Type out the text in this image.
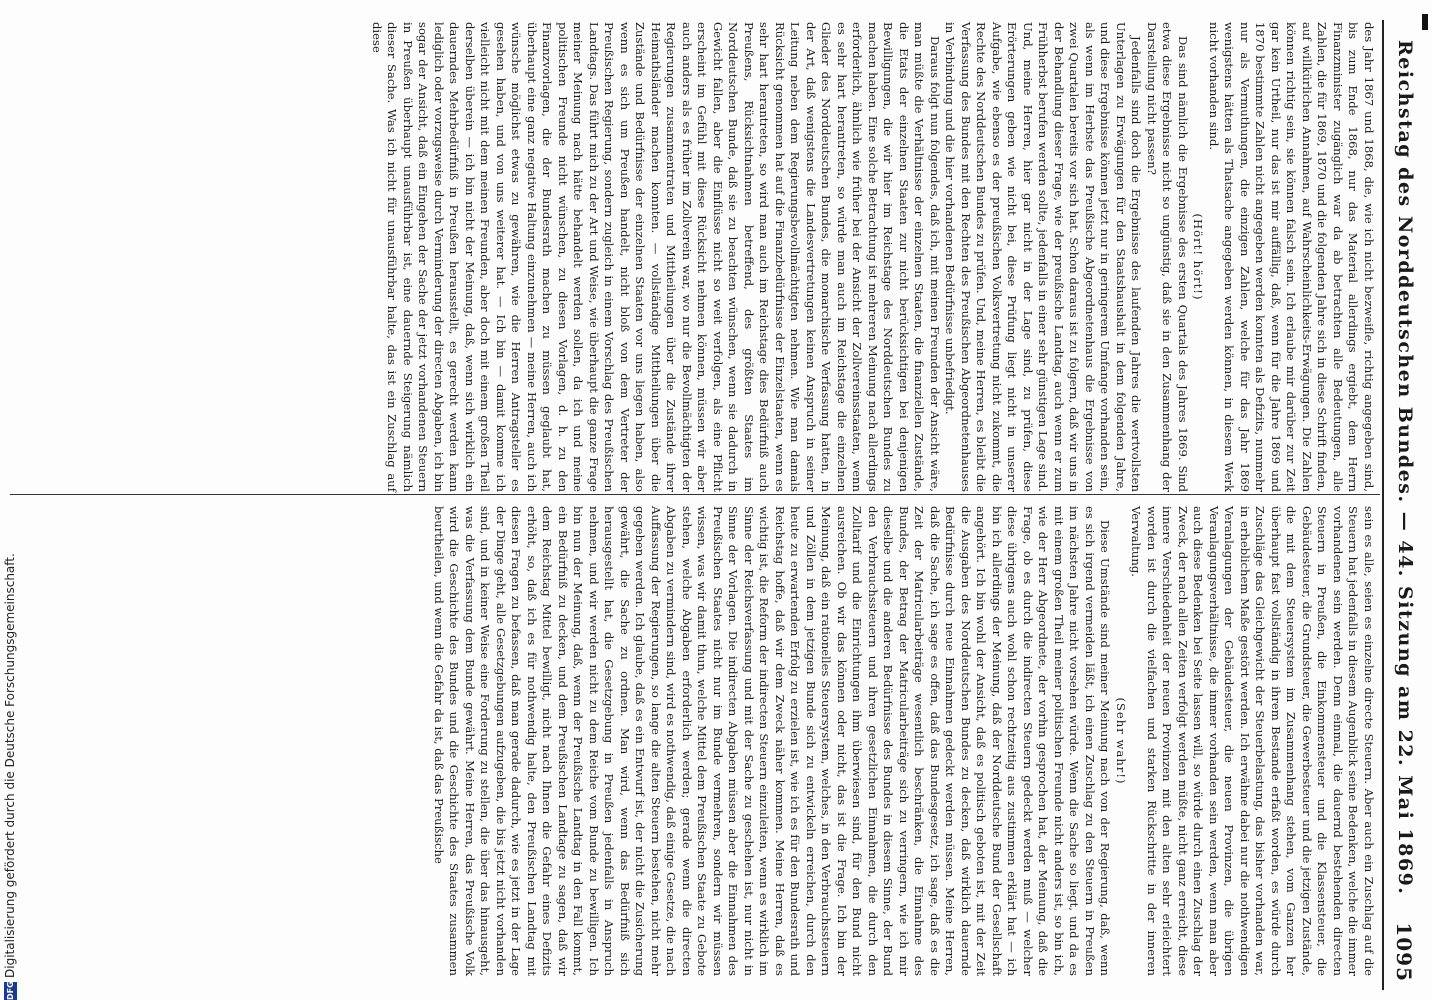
Reichstag des Norddeutschen Bundes. — 44. Sitzung am 22. Mai 1869.
1095

des Jahr 1867 und 1868, die, wie ich nicht bezweifle, richtig angegeben sind, bis zum Ende 1868, nur das Material allerdings ergiebt, dem Herrn Finanzminister zugänglich war da ab betrachten alle Bedeutungen, alle Zahlen, die für 1869, 1870 und die folgenden Jahre sich in diese Schrift finden, auf willkürlichen Annahmen, auf Wahrscheinlichkeits-Erwägungen. Die Zahlen können richtig sein, sie können falsch sein. Ich erlaube mir darüber zur Zeit gar kein Urtheil, nur das ist mir auffällig, daß, wenn für die Jahre 1869 und 1870 bestimmte Zahlen nicht angegeben werden konnten als Defizits, nunmehr nur als Vermuthungen, die einzigen Zahlen, welche für das Jahr 1869 wenigstens hätten als Thatsache angegeben werden können, in diesem Werk nicht vorhanden sind.

(Hört! hört!)

Das sind nämlich die Ergebnisse des ersten Quartals des Jahres 1869. Sind etwa diese Ergebnisse nicht so ungünstig, daß sie in den Zusammenhang der Darstellung nicht passen?

Jedenfalls sind doch die Ergebnisse des laufenden Jahres die wertvollsten Unterlagen zu Erwägungen für den Staatshaushalt in dem folgenden Jahre, und diese Ergebnisse können jetzt nur in geringerem Umfange vorhanden sein, als wenn im Herbste das Preußische Abgeordnetenhaus die Ergebnisse von zwei Quartalen bereits vor sich hat. Schon daraus ist zu folgern, daß wir uns in der Behandlung dieser Frage, wie der preußische Landtag, auch wenn er zum Frühherbst berufen werden sollte, jedenfalls in einer sehr günstigen Lage sind. Und, meine Herren, hier gar nicht in der Lage sind, zu prüfen, diese Erörterungen geben wie nicht bei, diese Prüfung liegt nicht in unserer Aufgabe, wie ebenso es der preußischen Volksvertretung nicht zukommt, die Rechte des Norddeutschen Bundes zu prüfen. Und, meine Herren, es bleibt die Verfassung des Bundes mit den Rechten des Preußischen Abgeordnetenhauses in Verbindung und die hier vorhandenen Bedürfnisse unbefriedigt.

Daraus folgt nun folgendes, daß ich, mit meinen Freunden der Ansicht wäre, man müßte die Verhältnisse der einzelnen Staaten, die finanziellen Zustände, die Etats der einzelnen Staaten zur nicht berücksichtigen bei denjenigen Bewilligungen, die wir hier im Reichstage des Norddeutschen Bundes zu machen haben. Eine solche Betrachtung ist mehreren Meinung nach allerdings erforderlich, ähnlich wie früher bei der Ansicht der Zollvereinsstaaten, wenn es sehr hart herantreten, so würde man auch im Reichstage die einzelnen Glieder des Norddeutschen Bundes, die monarchische Verfassung hatten, in der Art, daß wenigstens die Landesvertretungen keinen Anspruch in seiner Leitung neben dem Regierungsbevollmächtigten nehmen. Wie man damals Rücksicht genommen hat auf die Finanzbedürfnisse der Einzelstaaten, wenn es sehr hart herantreten, so wird man auch im Reichstage dies Bedürfniß auch Preußens, Rücksichtnahmen betreffend, des größten Staates im Norddeutschen Bunde, daß sie zu beachten wünschen, wenn sie dadurch in Gewicht fallen, aber die Einflüsse nicht so weit verfolgen, als eine Pflicht erscheint im Gefühl mit diese Rücksicht nehmen können, müssen wir aber auch anders als es früher im Zollverein war, wo nur die Bevollmächtigten der Regierungen zusammentraten und Mittheilungen über die Zustände ihrer Heimathsländer machen konnten. — vollständige Mittheilungen über die Zustände und Bedürfnisse der einzelnen Staaten vor uns liegen haben, also wenn es sich um Preußen handelt, nicht bloß von dem Vertreter der Preußischen Regierung, sondern zugleich in einem Vorschlag des Preußischen Landtags. Das führt mich zu der Art und Weise, wie überhaupt die ganze Frage meiner Meinung nach hätte behandelt werden sollen, da ich und meine politischen Freunde nicht wünschen, zu diesen Vorlagen, d. h. zu den Finanzvorlagen, die der Bundesrath machen zu müssen geglaubt hat, überhaupt eine ganz negative Haltung einzunehmen — meine Herren, auch ich wünsche möglichst etwas zu gewähren, wie die Herren Antragsteller es gesehen haben, und von uns weiterer hat. — Ich bin — damit komme ich vielleicht nicht mit dem meinen Freunden, aber doch mit einem großen Theil derselben überein — ich bin nicht der Meinung, daß, wenn sich wirklich ein dauerndes Mehrbedürfniß in Preußen herausstellt, es gerecht werden kann lediglich oder vorzugsweise durch Verminderung der directen Abgaben, ich bin sogar der Ansicht, daß ein Eingehen der Sache der jetzt vorhandenen Steuern in Preußen überhaupt unausführbar ist, eine dauernde Steigerung nämlich dieser Sache. Was ich nicht für unausführbar halte, das ist ein Zuschlag auf diese

sein es alle, seien es einzelne directe Steuern. Aber auch ein Zuschlag auf die Steuern hat jedenfalls in diesem Augenblick seine Bedenken, welche die immer vorhandenen sein werden. Denn einmal, die dauernd bestehenden directen Steuern in Preußen, die Einkommensteuer und die Klassensteuer, die Gebäudesteuer, die Grundsteuer, die Gewerbesteuer und die jetzigen Zustände, die mit dem Steuersystem im Zusammenhang stehen, vom Ganzen her überhaupt fast vollständig in ihrem Bestande erfaßt worden, es würde durch Zuschläge das Gleichgewicht der Steuerbelastung, das bisher vorhanden war, in erheblichem Maße gestört werden. Ich erwähne dabei nur die nothwendigen Veranlagungen der Gebäudesteuer, die neuen Provinzen, die übrigen Veranlagungsverhältnisse, die immer vorhanden sein werden, wenn man aber auch diese Bedenken bei Seite lassen will, so würde durch einen Zuschlag der Zweck, der nach allen Zeiten verfolgt werden müßte, nicht ganz erreicht, diese innere Verschiedenheit der neuen Provinzen mit den alten sehr erleichtert worden ist durch die vielfachen und starken Rückschritte in der inneren Verwaltung.

(Sehr wahr!)

Diese Umstände sind meiner Meinung nach von der Regierung, daß, wenn es sich irgend vermeiden läßt, ich einen Zuschlag zu den Steuern in Preußen im nächsten Jahre nicht vorsehen würde. Wenn die Sache so liegt, und da es mit einem großen Theil meiner politischen Freunde nicht anders ist, so bin ich, wie der Herr Abgeordnete, der vorhin gesprochen hat, der Meinung, daß die Frage, ob es durch die indirecten Steuern gedeckt werden muß — welcher diese übrigens auch wohl schon rechtzeitig aus zustimmen erklärt hat — ich bin ich allerdings der Meinung, daß der Norddeutsche Bund der Gesellschaft angehört. Ich bin wohl der Ansicht, daß es politisch geboten ist, mit der Zeit die Ausgaben des Norddeutschen Bundes zu decken, daß wirklich dauernde Bedürfnisse durch neue Einnahmen gedeckt werden müssen. Meine Herren, daß die Sache, ich sage es offen, daß das Bundesgesetz, ich sage, daß es die Zeit der Matricularbeiträge wesentlich beschränken, die Einnahme des Bundes, der Betrag der Matricularbeiträge sich zu verringern, wie ich mir dieselbe und die anderen Bedürfnisse des Bundes in diesem Sinne, der Bund den Verbrauchssteuern und ihren gesetzlichen Einnahmen, die durch den Zolltarif und die Einrichtungen ihm überwiesen sind, für den Bund nicht ausreichen. Ob wir das können oder nicht, das ist die Frage. Ich bin der Meinung, daß ein rationelles Steuersystem, welches, in den Verbrauchssteuern und Zöllen in dem jetzigen Bunde sich zu entwickeln erreichen, durch den heute zu erwartenden Erfolg zu erzielen ist, wie ich es für den Bundesrath und Reichstag hoffe, daß wir dem Zweck näher kommen. Meine Herren, daß es wichtig ist, die Reform der indirecten Steuern einzuleiten, wenn es wirklich im Sinne der Reichsverfassung und mit der Sache zu geschehen ist, nur nicht in Sinne der Vorlagen. Die indirecten Abgaben müssen aber die Einnahmen des Preußischen Staates nicht nur im Bunde vermehren, sondern wir müssen wissen, was wir damit thun, welche Mittel dem Preußischen Staate zu Gebote stehen, welche Abgaben erforderlich werden; gerade wenn die directen Abgaben zu vermindern sind, wird es nothwendig, daß einige Gesetze, die nach Auffassung der Regierungen, so lange die alten Steuern bestehen, nicht mehr gegeben werden. Ich glaube, daß es ein Entwurf ist, der nicht die Zusicherung gewährt, die Sache zu ordnen. Man wird, wenn das Bedürfniß sich herausgestellt hat, die Gesetzgebung in Preußen jedenfalls in Anspruch nehmen, und wir werden nicht zu dem Reiche vom Bunde zu bewilligen. Ich bin nun der Meinung, daß, wenn der Preußische Landtag in den Fall kommt, ein Bedürfniß zu decken, und dem Preußischen Landtage zu sagen, daß wir dem Reichstag Mittel bewilligt, nicht nach Ihnen die Gefahr eines Defizits erhöht, so, daß ich es für nothwendig halte, den Preußischen Landtag mit diesen Fragen zu befassen, daß man gerade dadurch, wie es jetzt in der Lage der Dinge geht, alle Gesetzgebungen aufzugeben, die bis jetzt nicht vorhanden sind, und in keiner Weise eine Forderung zu stellen, die über das hinausgeht, was die Verfassung dem Bunde gewährt. Meine Herren, das Preußische Volk wird die Geschichte des Bundes und die Geschichte des Staates zusammen beurtheilen, und wenn die Gefahr da ist, daß das Preußische

DFGDigitalisierung gefördert durch die Deutsche Forschungsgemeinschaft.
